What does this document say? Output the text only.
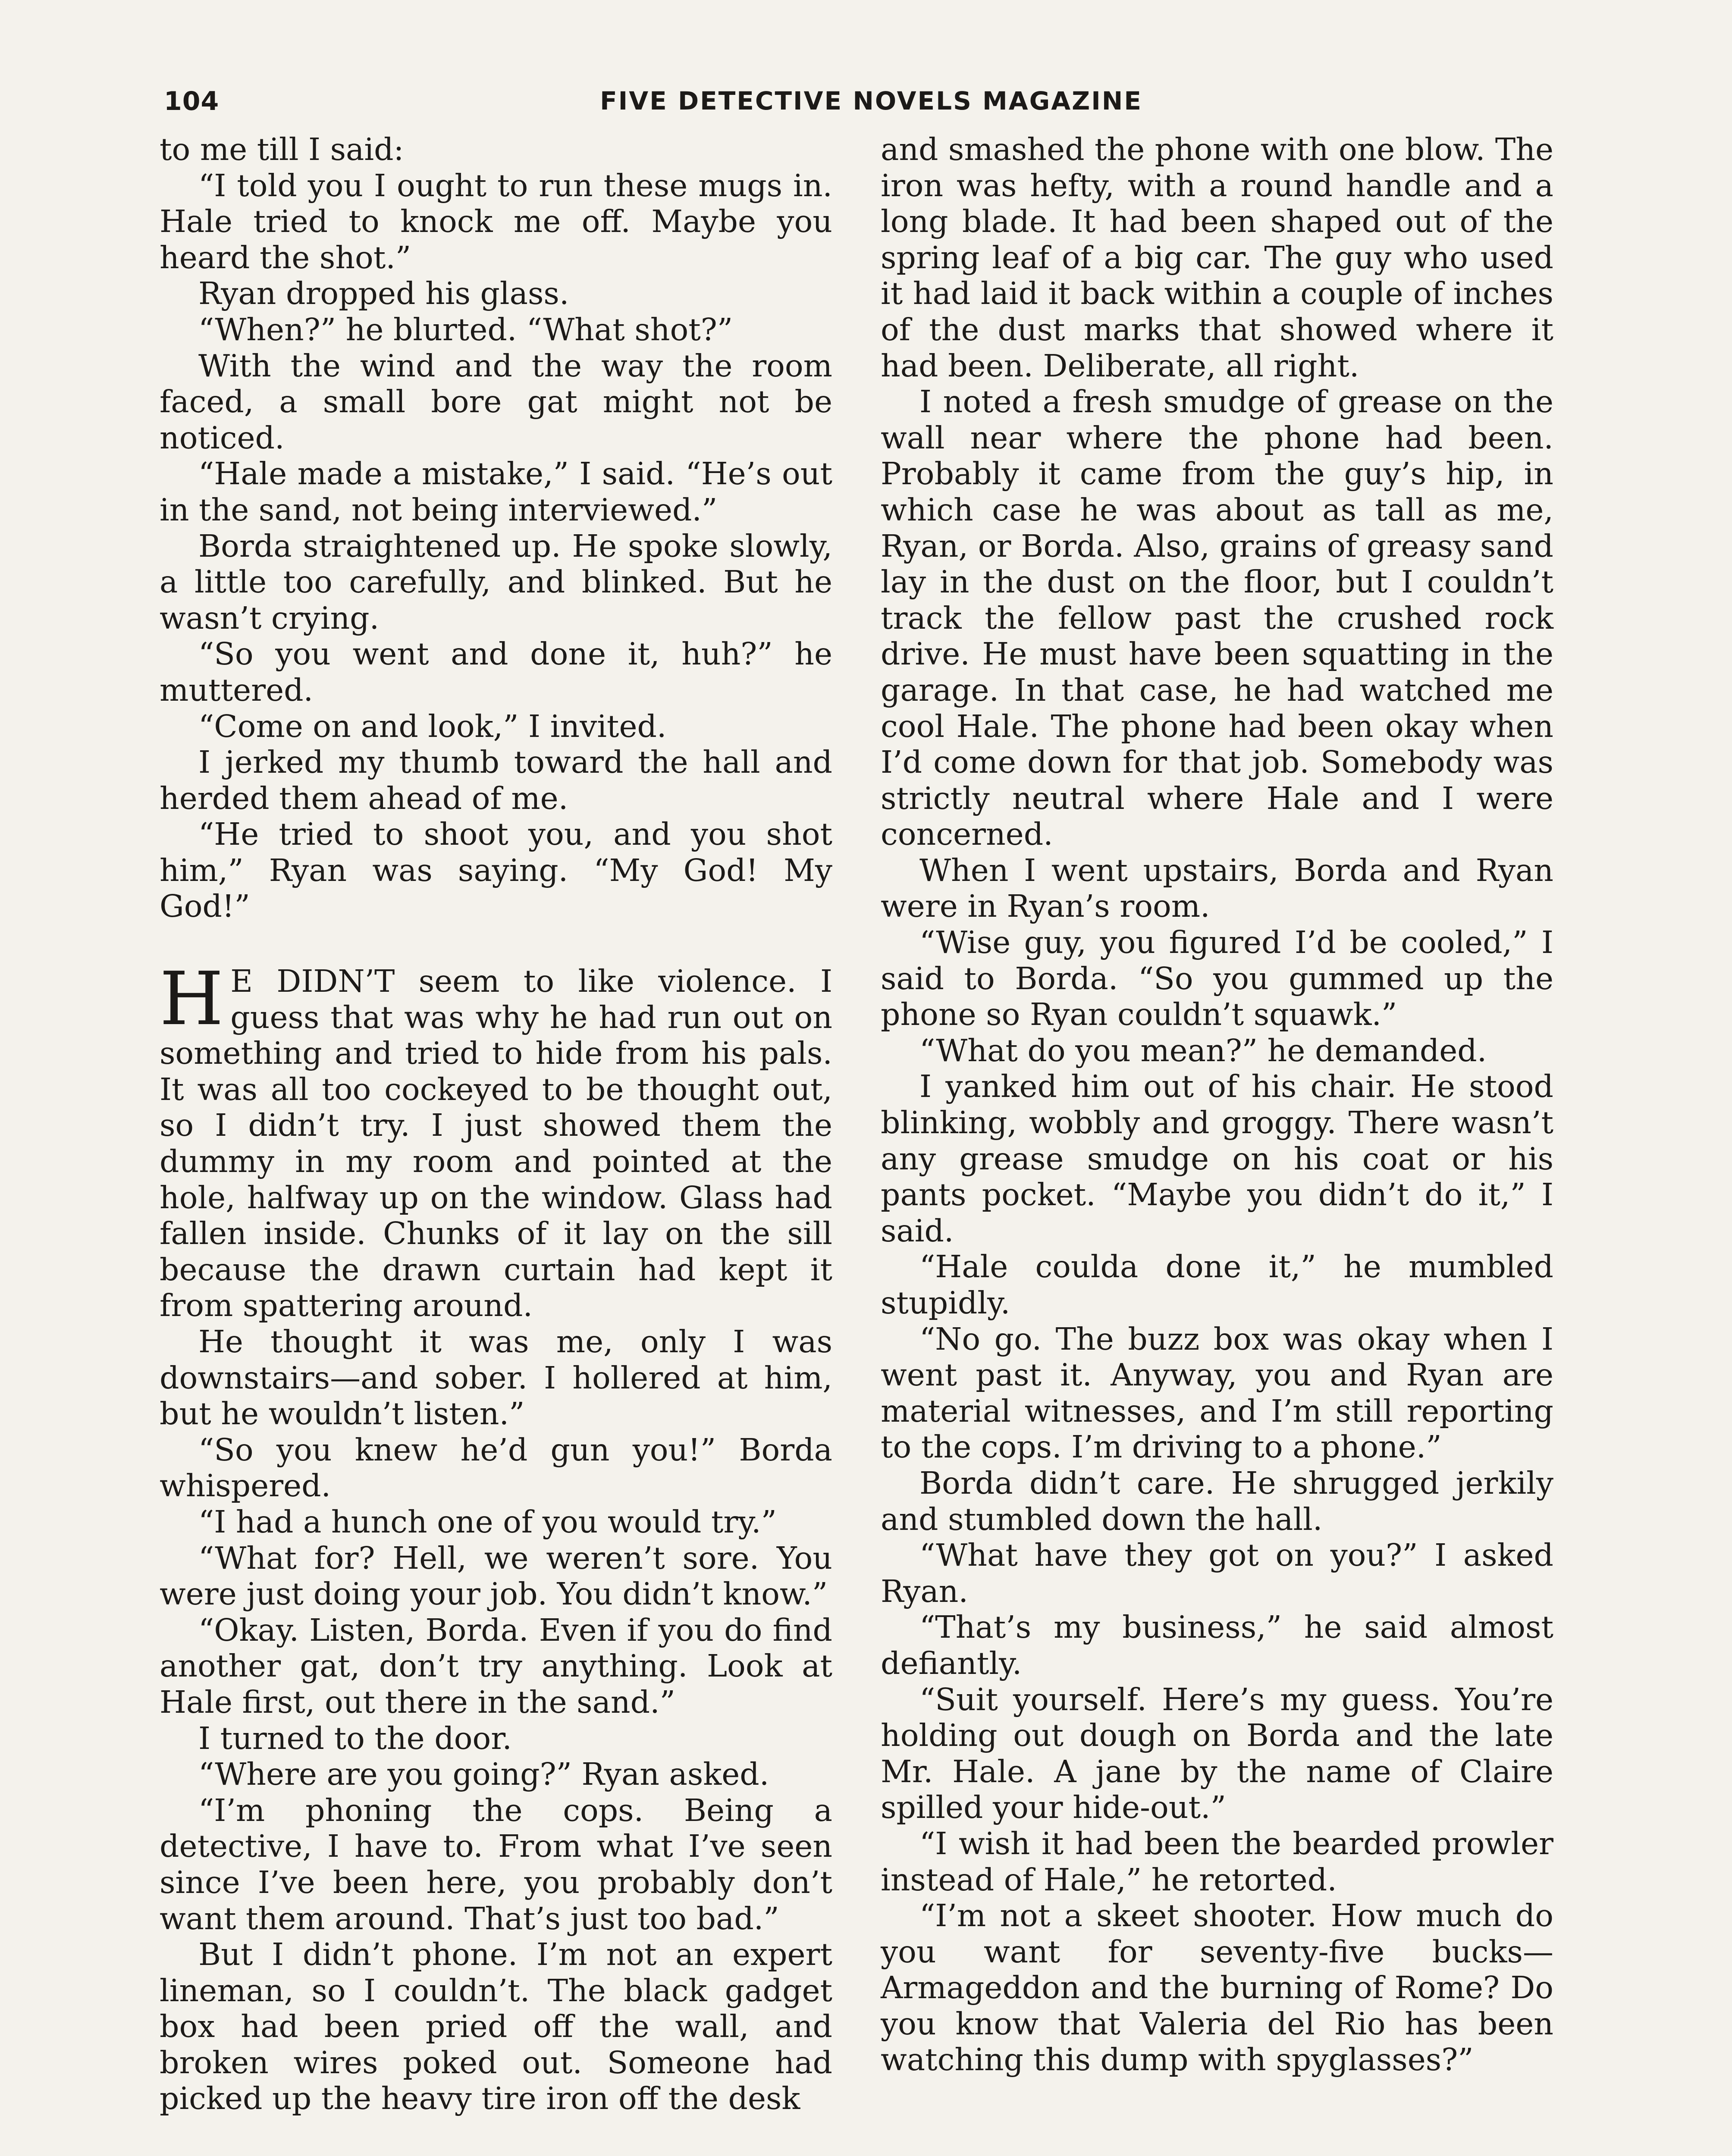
104	FIVE DETECTIVE NOVELS MAGAZINE

to me till I said:

“I told you I ought to run these mugs in. Hale tried to knock me off. Maybe you heard the shot.”

Ryan dropped his glass.

“When?” he blurted. “What shot?”

With the wind and the way the room faced, a small bore gat might not be noticed.

“Hale made a mistake,” I said. “He’s out in the sand, not being interviewed.”

Borda straightened up. He spoke slowly, a little too carefully, and blinked. But he wasn’t crying.

“So you went and done it, huh?” he muttered.

“Come on and look,” I invited.

I jerked my thumb toward the hall and herded them ahead of me.

“He tried to shoot you, and you shot him,” Ryan was saying. “My God! My God!”

H E DIDN’T seem to like violence. I guess that was why he had run out on something and tried to hide from his pals. It was all too cockeyed to be thought out, so I didn’t try. I just showed them the dummy in my room and pointed at the hole, halfway up on the window. Glass had fallen inside. Chunks of it lay on the sill because the drawn curtain had kept it from spattering around.

He thought it was me, only I was downstairs—and sober. I hollered at him, but he wouldn’t listen.”

“So you knew he’d gun you!” Borda whispered.

“I had a hunch one of you would try.”

“What for? Hell, we weren’t sore. You were just doing your job. You didn’t know.”

“Okay. Listen, Borda. Even if you do find another gat, don’t try anything. Look at Hale first, out there in the sand.”

I turned to the door.

“Where are you going?” Ryan asked.

“I’m phoning the cops. Being a detective, I have to. From what I’ve seen since I’ve been here, you probably don’t want them around. That’s just too bad.”

But I didn’t phone. I’m not an expert lineman, so I couldn’t. The black gadget box had been pried off the wall, and broken wires poked out. Someone had picked up the heavy tire iron off the desk

and smashed the phone with one blow. The iron was hefty, with a round handle and a long blade. It had been shaped out of the spring leaf of a big car. The guy who used it had laid it back within a couple of inches of the dust marks that showed where it had been. Deliberate, all right.

I noted a fresh smudge of grease on the wall near where the phone had been. Probably it came from the guy’s hip, in which case he was about as tall as me, Ryan, or Borda. Also, grains of greasy sand lay in the dust on the floor, but I couldn’t track the fellow past the crushed rock drive. He must have been squatting in the garage. In that case, he had watched me cool Hale. The phone had been okay when I’d come down for that job. Somebody was strictly neutral where Hale and I were concerned.

When I went upstairs, Borda and Ryan were in Ryan’s room.

“Wise guy, you figured I’d be cooled,” I said to Borda. “So you gummed up the phone so Ryan couldn’t squawk.”

“What do you mean?” he demanded.

I yanked him out of his chair. He stood blinking, wobbly and groggy. There wasn’t any grease smudge on his coat or his pants pocket. “Maybe you didn’t do it,” I said.

“Hale coulda done it,” he mumbled stupidly.

“No go. The buzz box was okay when I went past it. Anyway, you and Ryan are material witnesses, and I’m still reporting to the cops. I’m driving to a phone.”

Borda didn’t care. He shrugged jerkily and stumbled down the hall.

“What have they got on you?” I asked Ryan.

“That’s my business,” he said almost defiantly.

“Suit yourself. Here’s my guess. You’re holding out dough on Borda and the late Mr. Hale. A jane by the name of Claire spilled your hide-out.”

“I wish it had been the bearded prowler instead of Hale,” he retorted.

“I’m not a skeet shooter. How much do you want for seventy-five bucks—Armageddon and the burning of Rome? Do you know that Valeria del Rio has been watching this dump with spyglasses?”
